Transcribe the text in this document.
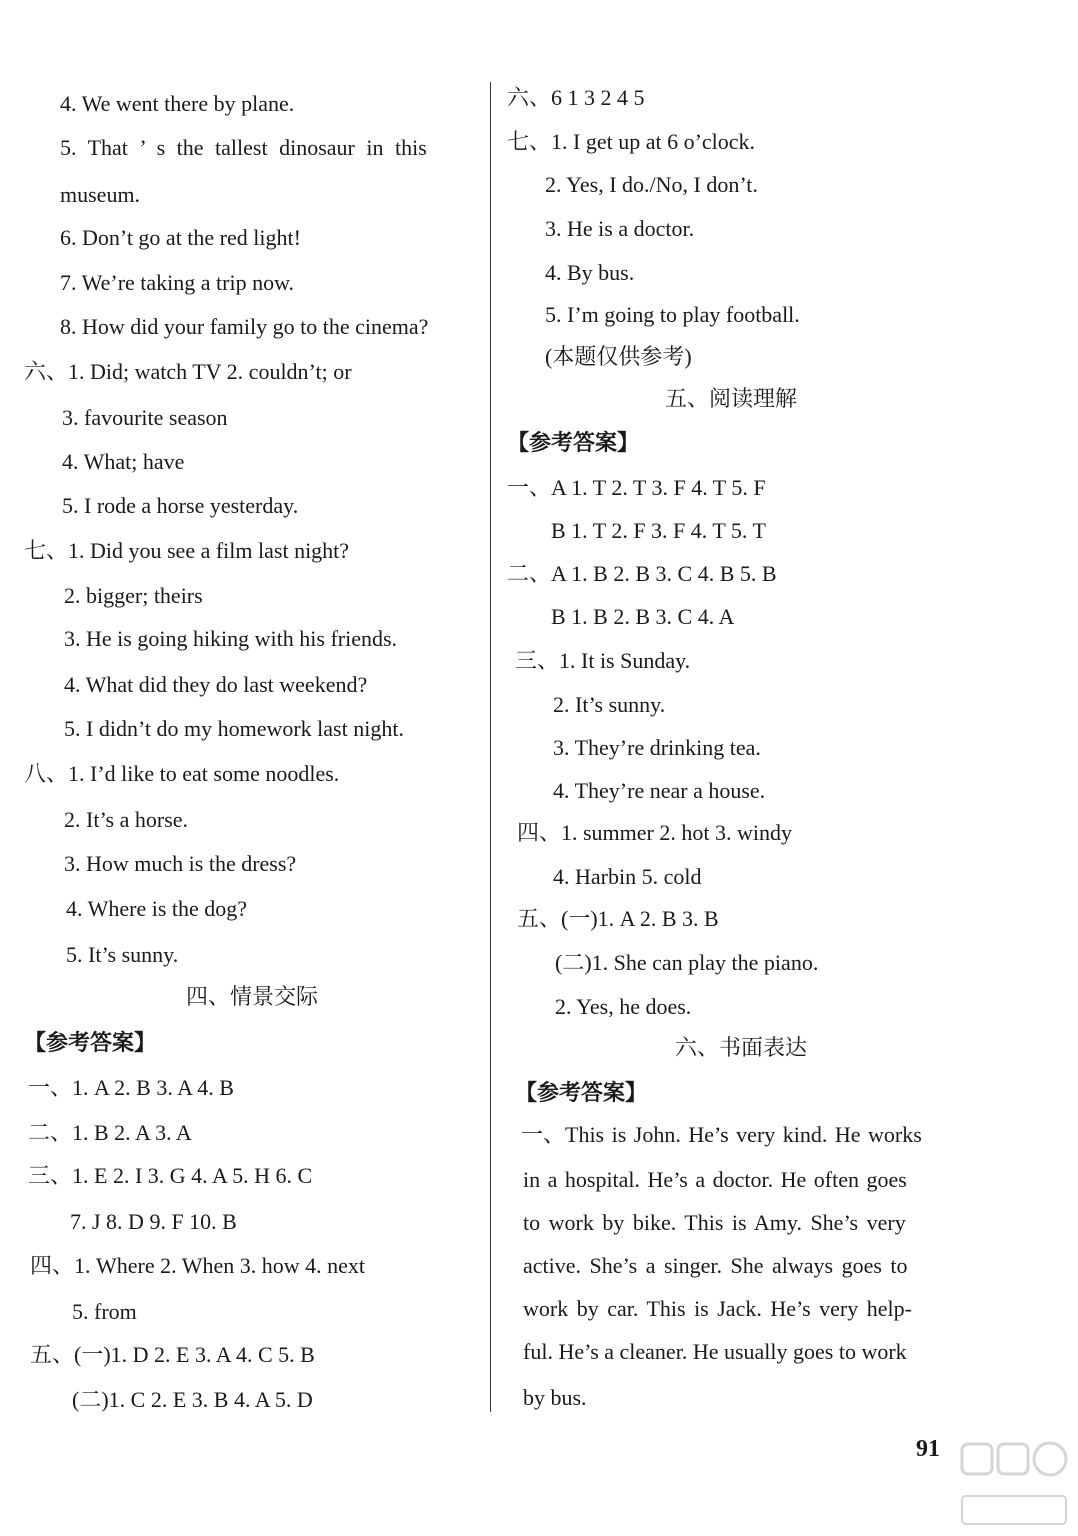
4. We went there by plane.
5. That ’ s the tallest dinosaur in this
museum.
6. Don’t go at the red light!
7. We’re taking a trip now.
8. How did your family go to the cinema?
六、1. Did; watch TV 2. couldn’t; or
3. favourite season
4. What; have
5. I rode a horse yesterday.
七、1. Did you see a film last night?
2. bigger; theirs
3. He is going hiking with his friends.
4. What did they do last weekend?
5. I didn’t do my homework last night.
八、1. I’d like to eat some noodles.
2. It’s a horse.
3. How much is the dress?
4. Where is the dog?
5. It’s sunny.
四、情景交际
【参考答案】
一、1. A 2. B 3. A 4. B
二、1. B 2. A 3. A
三、1. E 2. I 3. G 4. A 5. H 6. C
7. J 8. D 9. F 10. B
四、1. Where 2. When 3. how 4. next
5. from
五、(一)1. D 2. E 3. A 4. C 5. B
(二)1. C 2. E 3. B 4. A 5. D
六、6 1 3 2 4 5
七、1. I get up at 6 o’clock.
2. Yes, I do./No, I don’t.
3. He is a doctor.
4. By bus.
5. I’m going to play football.
(本题仅供参考)
五、阅读理解
【参考答案】
一、A 1. T 2. T 3. F 4. T 5. F
B 1. T 2. F 3. F 4. T 5. T
二、A 1. B 2. B 3. C 4. B 5. B
B 1. B 2. B 3. C 4. A
三、1. It is Sunday.
2. It’s sunny.
3. They’re drinking tea.
4. They’re near a house.
四、1. summer 2. hot 3. windy
4. Harbin 5. cold
五、(一)1. A 2. B 3. B
(二)1. She can play the piano.
2. Yes, he does.
六、书面表达
【参考答案】
一、This is John. He’s very kind. He works
in a hospital. He’s a doctor. He often goes
to work by bike. This is Amy. She’s very
active. She’s a singer. She always goes to
work by car. This is Jack. He’s very help-
ful. He’s a cleaner. He usually goes to work
by bus.
91
